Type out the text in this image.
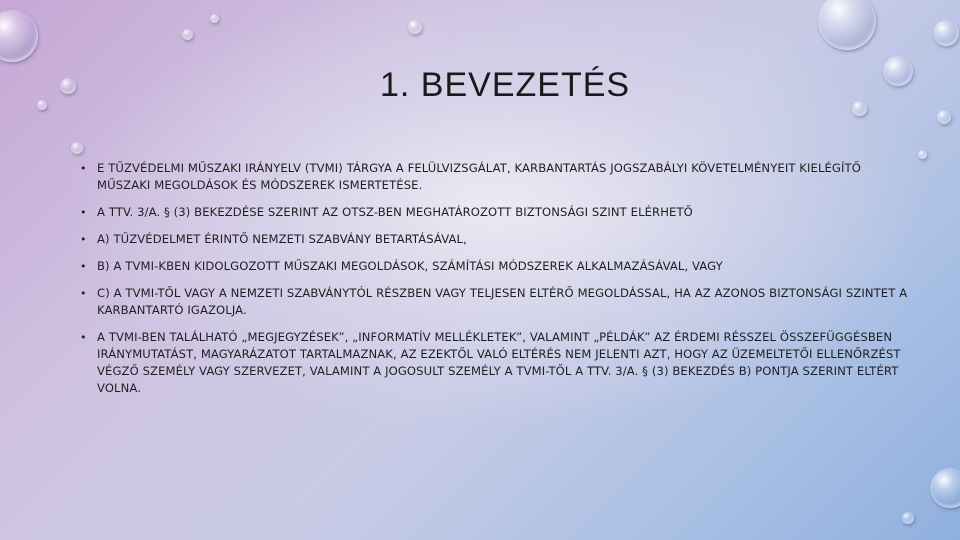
1. BEVEZETÉS
• E TŰZVÉDELMI MŰSZAKI IRÁNYELV (TVMI) TÁRGYA A FELÜLVIZSGÁLAT, KARBANTARTÁS JOGSZABÁLYI KÖVETELMÉNYEIT KIELÉGÍTŐ MŰSZAKI MEGOLDÁSOK ÉS MÓDSZEREK ISMERTETÉSE.
• A TTV. 3/A. § (3) BEKEZDÉSE SZERINT AZ OTSZ-BEN MEGHATÁROZOTT BIZTONSÁGI SZINT ELÉRHETŐ
• A) TŰZVÉDELMET ÉRINTŐ NEMZETI SZABVÁNY BETARTÁSÁVAL,
• B) A TVMI-KBEN KIDOLGOZOTT MŰSZAKI MEGOLDÁSOK, SZÁMÍTÁSI MÓDSZEREK ALKALMAZÁSÁVAL, VAGY
• C) A TVMI-TŐL VAGY A NEMZETI SZABVÁNYTÓL RÉSZBEN VAGY TELJESEN ELTÉRŐ MEGOLDÁSSAL, HA AZ AZONOS BIZTONSÁGI SZINTET A KARBANTARTÓ IGAZOLJA.
• A TVMI-BEN TALÁLHATÓ „MEGJEGYZÉSEK”, „INFORMATÍV MELLÉKLETEK”, VALAMINT „PÉLDÁK” AZ ÉRDEMI RÉSSZEL ÖSSZEFÜGGÉSBEN IRÁNYMUTATÁST, MAGYARÁZATOT TARTALMAZNAK, AZ EZEKTŐL VALÓ ELTÉRÉS NEM JELENTI AZT, HOGY AZ ÜZEMELTETŐI ELLENŐRZÉST VÉGZŐ SZEMÉLY VAGY SZERVEZET, VALAMINT A JOGOSULT SZEMÉLY A TVMI-TŐL A TTV. 3/A. § (3) BEKEZDÉS B) PONTJA SZERINT ELTÉRT VOLNA.
